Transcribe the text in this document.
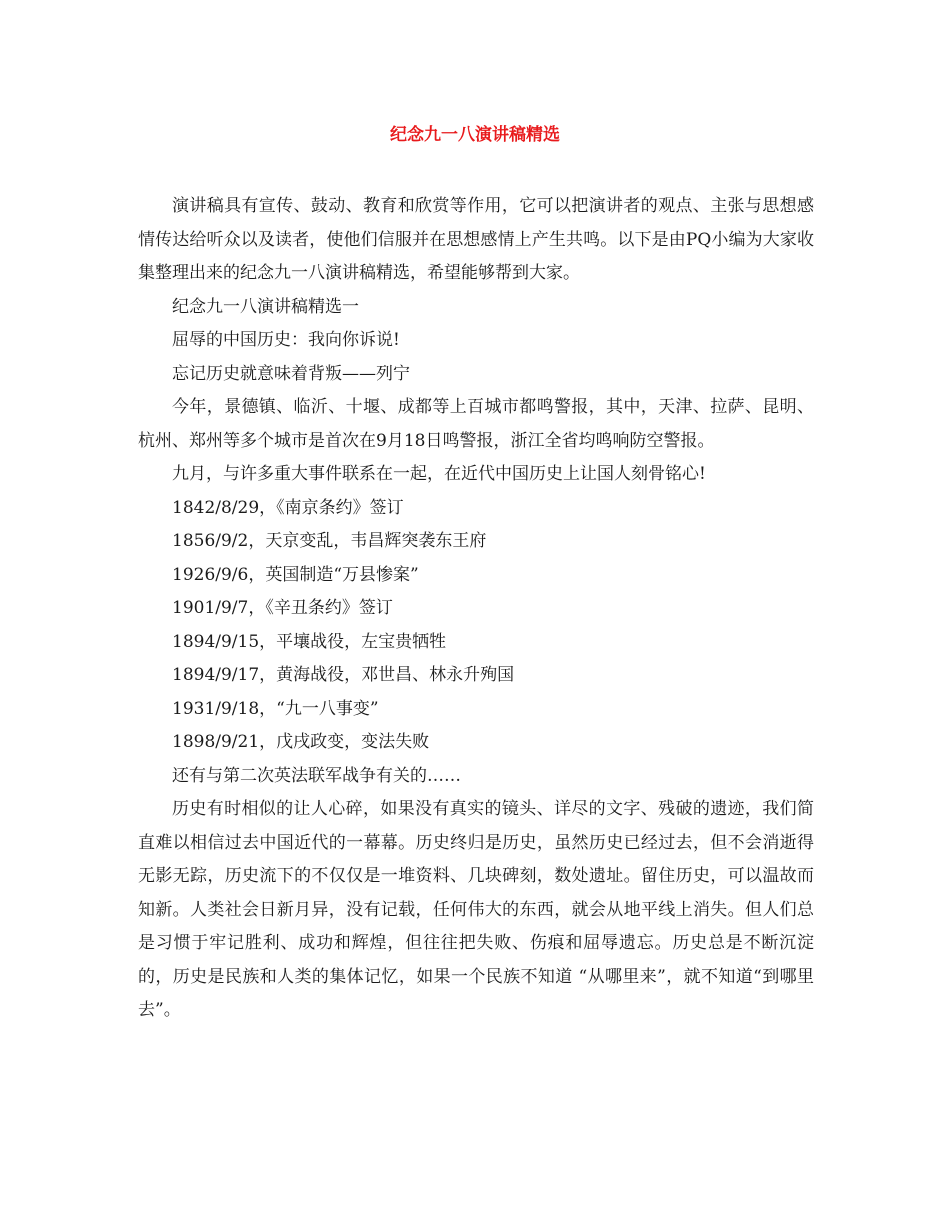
纪念九一八演讲稿精选

演讲稿具有宣传、鼓动、教育和欣赏等作用，它可以把演讲者的观点、主张与思想感情传达给听众以及读者，使他们信服并在思想感情上产生共鸣。以下是由PQ小编为大家收集整理出来的纪念九一八演讲稿精选，希望能够帮到大家。

纪念九一八演讲稿精选一

屈辱的中国历史：我向你诉说!

忘记历史就意味着背叛——列宁

今年，景德镇、临沂、十堰、成都等上百城市都鸣警报，其中，天津、拉萨、昆明、杭州、郑州等多个城市是首次在9月18日鸣警报，浙江全省均鸣响防空警报。

九月，与许多重大事件联系在一起，在近代中国历史上让国人刻骨铭心!

1842/8/29，《南京条约》签订

1856/9/2，天京变乱，韦昌辉突袭东王府

1926/9/6，英国制造“万县惨案”

1901/9/7，《辛丑条约》签订

1894/9/15，平壤战役，左宝贵牺牲

1894/9/17，黄海战役，邓世昌、林永升殉国

1931/9/18，“九一八事变”

1898/9/21，戊戌政变，变法失败

还有与第二次英法联军战争有关的……

历史有时相似的让人心碎，如果没有真实的镜头、详尽的文字、残破的遗迹，我们简直难以相信过去中国近代的一幕幕。历史终归是历史，虽然历史已经过去，但不会消逝得无影无踪，历史流下的不仅仅是一堆资料、几块碑刻，数处遗址。留住历史，可以温故而知新。人类社会日新月异，没有记载，任何伟大的东西，就会从地平线上消失。但人们总是习惯于牢记胜利、成功和辉煌，但往往把失败、伤痕和屈辱遗忘。历史总是不断沉淀的，历史是民族和人类的集体记忆，如果一个民族不知道 “从哪里来”，就不知道“到哪里去”。
